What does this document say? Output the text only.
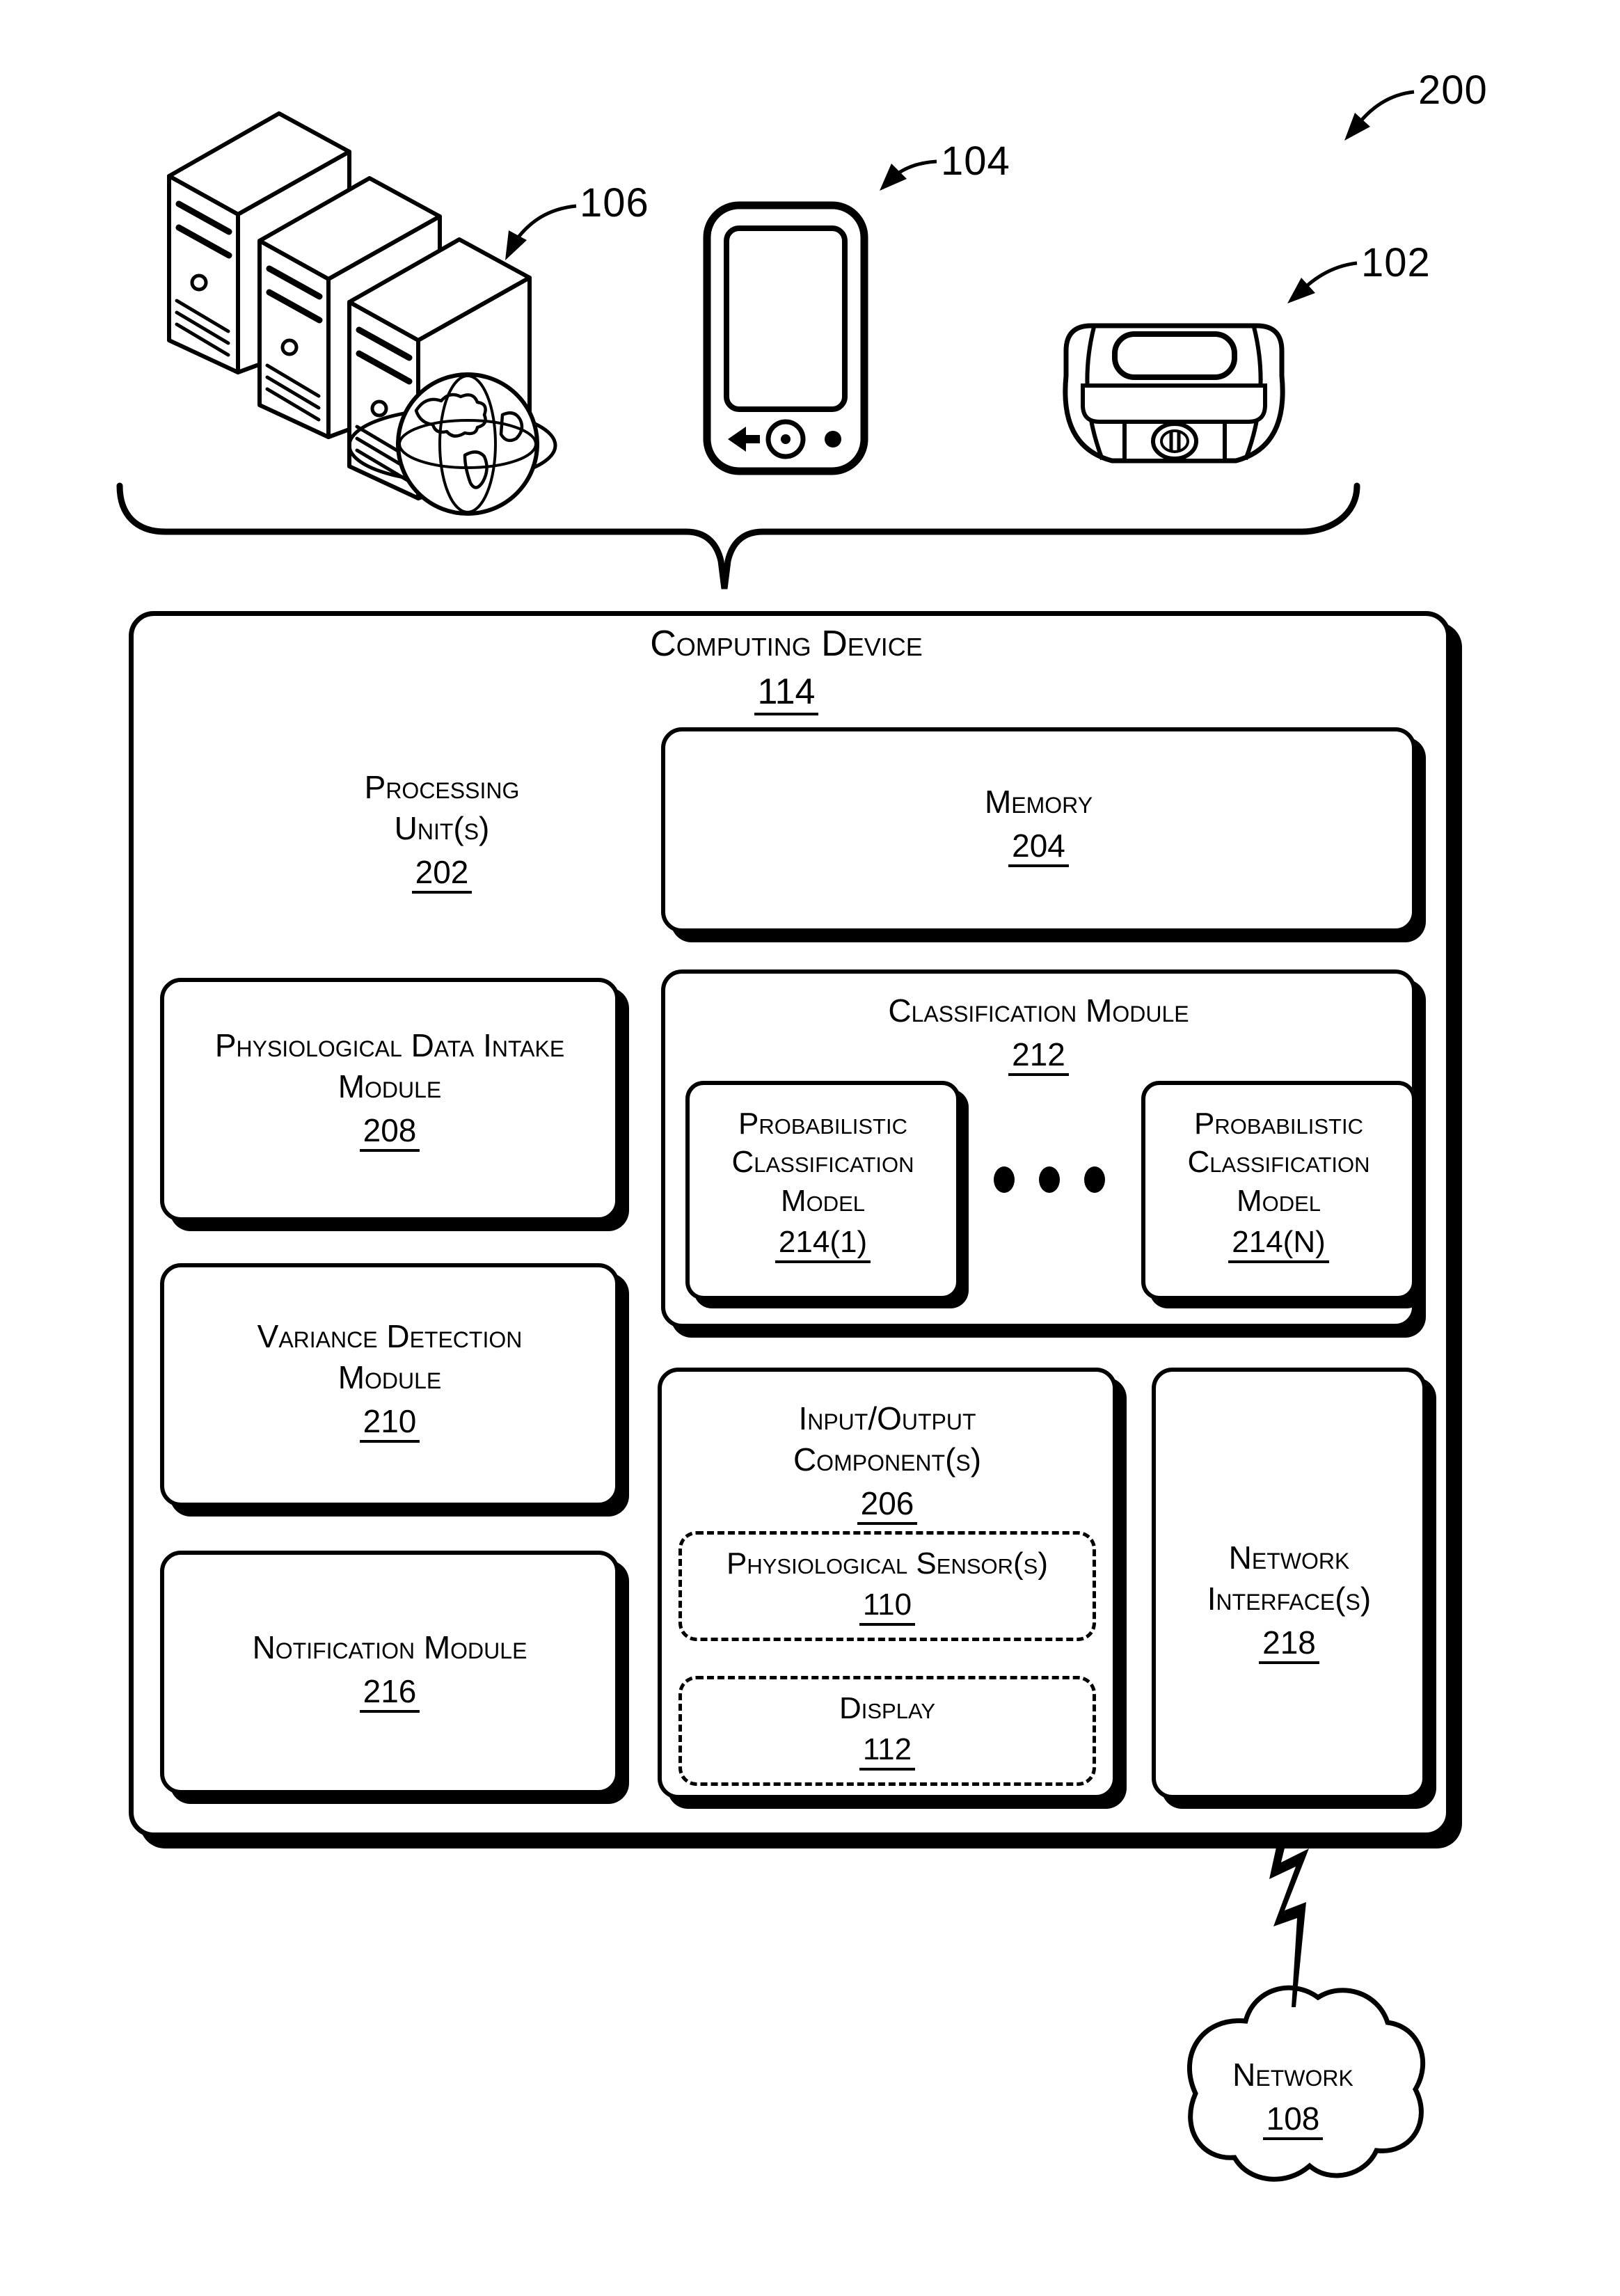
200
106
104
102
Computing Device
114
Processing
Unit(s)
202
Memory
204
Physiological Data Intake Module
208
Classification Module
212
Probabilistic Classification Model
214(1)
Probabilistic Classification Model
214(N)
Variance Detection Module
210
Notification Module
216
Input/Output
Component(s)
206
Physiological Sensor(s)
110
Display
112
Network
Interface(s)
218
Network
108
